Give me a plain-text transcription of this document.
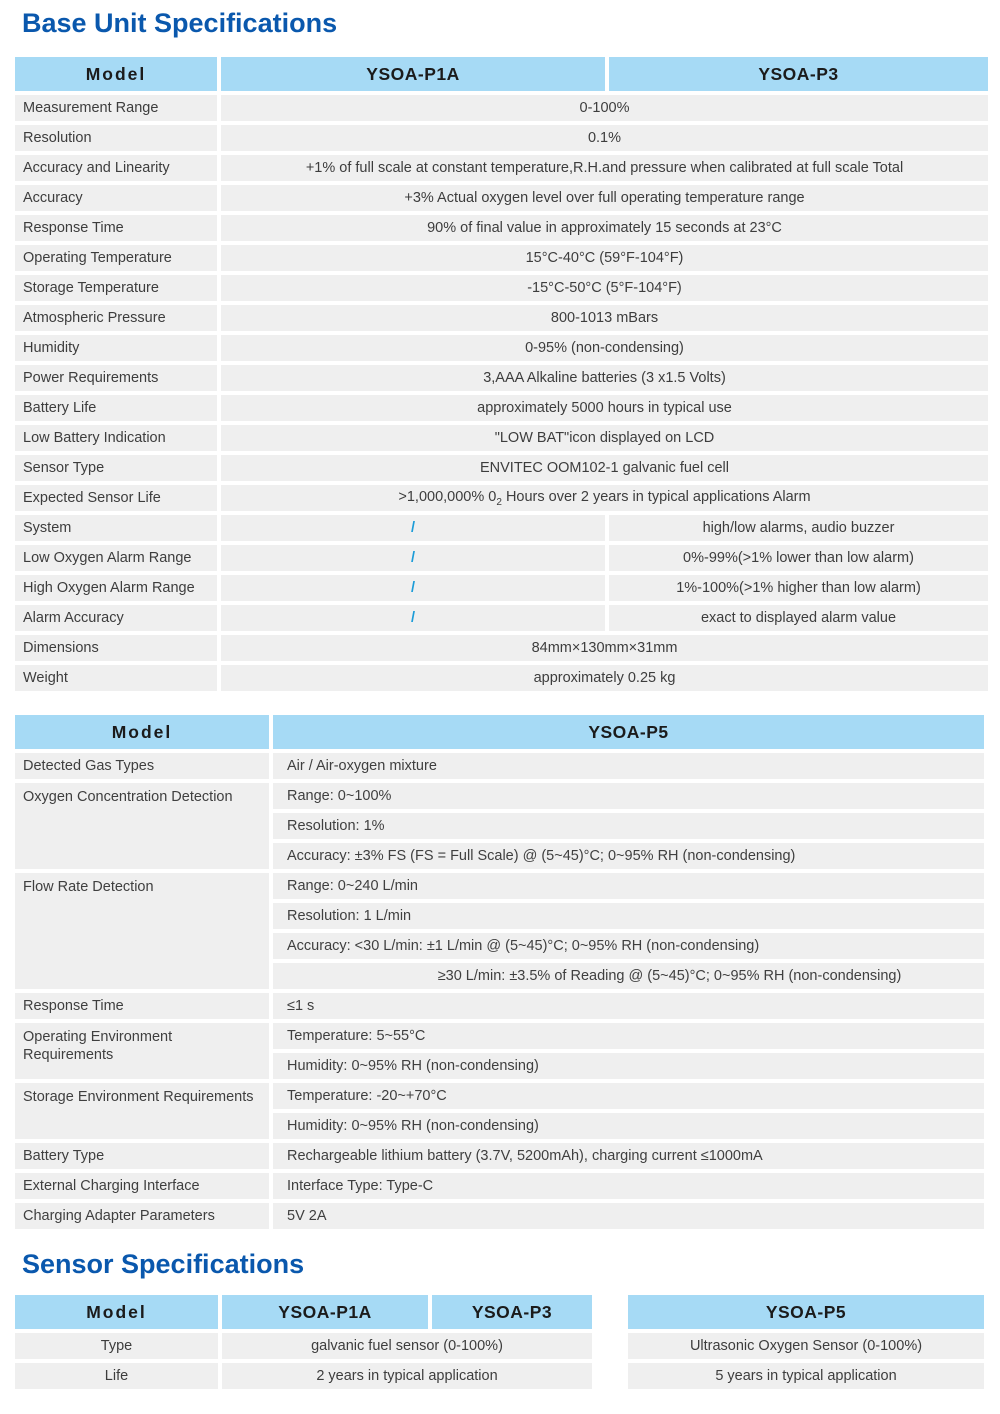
Base Unit Specifications
Model	YSOA-P1A	YSOA-P3
Measurement Range	0-100%	
Resolution	0.1%	
Accuracy and Linearity	+1% of full scale at constant temperature,R.H.and pressure when calibrated at full scale Total	
Accuracy	+3% Actual oxygen level over full operating temperature range	
Response Time	90% of final value in approximately 15 seconds at 23°C	
Operating Temperature	15°C-40°C (59°F-104°F)	
Storage Temperature	-15°C-50°C (5°F-104°F)	
Atmospheric Pressure	800-1013 mBars	
Humidity	0-95% (non-condensing)	
Power Requirements	3,AAA Alkaline batteries (3 x1.5 Volts)	
Battery Life	approximately 5000 hours in typical use	
Low Battery Indication	"LOW BAT"icon displayed on LCD	
Sensor Type	ENVITEC OOM102-1 galvanic fuel cell	
Expected Sensor Life	>1,000,000% $0_2$ Hours over 2 years in typical applications Alarm	
System	/	high/low alarms, audio buzzer
Low Oxygen Alarm Range	/	0%-99%(>1% lower than low alarm)
High Oxygen Alarm Range	/	1%-100%(>1% higher than low alarm)
Alarm Accuracy	/	exact to displayed alarm value
Dimensions	84mm×130mm×31mm	
Weight	approximately 0.25 kg	
Model	YSOA-P5
Detected Gas Types	Air / Air-oxygen mixture
Oxygen Concentration Detection	Range: 0~100%
	Resolution: 1%
	Accuracy: ±3% FS (FS = Full Scale) @ (5~45)°C; 0~95% RH (non-condensing)
Flow Rate Detection	Range: 0~240 L/min
	Resolution: 1 L/min
	Accuracy: <30 L/min: ±1 L/min @ (5~45)°C; 0~95% RH (non-condensing)
	≥30 L/min: ±3.5% of Reading @ (5~45)°C; 0~95% RH (non-condensing)
Response Time	≤1 s
Operating Environment Requirements	Temperature: 5~55°C
	Humidity: 0~95% RH (non-condensing)
Storage Environment Requirements	Temperature: -20~+70°C
	Humidity: 0~95% RH (non-condensing)
Battery Type	Rechargeable lithium battery (3.7V, 5200mAh), charging current ≤1000mA
External Charging Interface	Interface Type: Type-C
Charging Adapter Parameters	5V 2A
Sensor Specifications
Model	YSOA-P1A	YSOA-P3		YSOA-P5
Type	galvanic fuel sensor (0-100%)			Ultrasonic Oxygen Sensor (0-100%)
Life	2 years in typical application			5 years in typical application
